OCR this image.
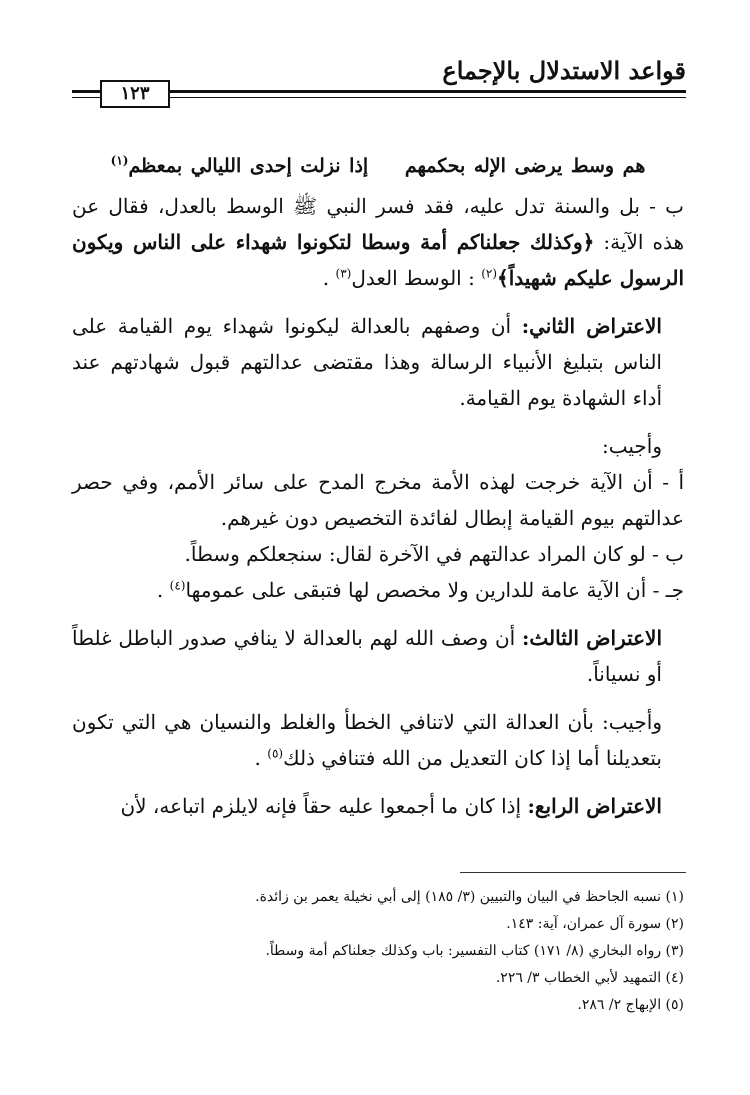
قواعد الاستدلال بالإجماع
١٢٣

هم وسط يرضى الإله بحكمهم إذا نزلت إحدى الليالي بمعظم$^{(١)}$

ب - بل والسنة تدل عليه، فقد فسر النبي ﷺ الوسط بالعدل، فقال عن هذه الآية: ﴿وكذلك جعلناكم أمة وسطا لتكونوا شهداء على الناس ويكون الرسول عليكم شهيداً﴾$^{(٢)}$ : الوسط العدل$^{(٣)}$ .

الاعتراض الثاني: أن وصفهم بالعدالة ليكونوا شهداء يوم القيامة على الناس بتبليغ الأنبياء الرسالة وهذا مقتضى عدالتهم قبول شهادتهم عند أداء الشهادة يوم القيامة.

وأجيب:

أ - أن الآية خرجت لهذه الأمة مخرج المدح على سائر الأمم، وفي حصر عدالتهم بيوم القيامة إبطال لفائدة التخصيص دون غيرهم.

ب - لو كان المراد عدالتهم في الآخرة لقال: سنجعلكم وسطاً.

جـ - أن الآية عامة للدارين ولا مخصص لها فتبقى على عمومها$^{(٤)}$ .

الاعتراض الثالث: أن وصف الله لهم بالعدالة لا ينافي صدور الباطل غلطاً أو نسياناً.

وأجيب: بأن العدالة التي لاتنافي الخطأ والغلط والنسيان هي التي تكون بتعديلنا أما إذا كان التعديل من الله فتنافي ذلك$^{(٥)}$ .

الاعتراض الرابع: إذا كان ما أجمعوا عليه حقاً فإنه لايلزم اتباعه، لأن

(١) نسبه الجاحظ في البيان والتبيين (٣/ ١٨٥) إلى أبي نخيلة يعمر بن زائدة.

(٢) سورة آل عمران، آية: ١٤٣.

(٣) رواه البخاري (٨/ ١٧١) كتاب التفسير: باب وكذلك جعلناكم أمة وسطاً.

(٤) التمهيد لأبي الخطاب ٣/ ٢٢٦.

(٥) الإبهاج ٢/ ٢٨٦.
